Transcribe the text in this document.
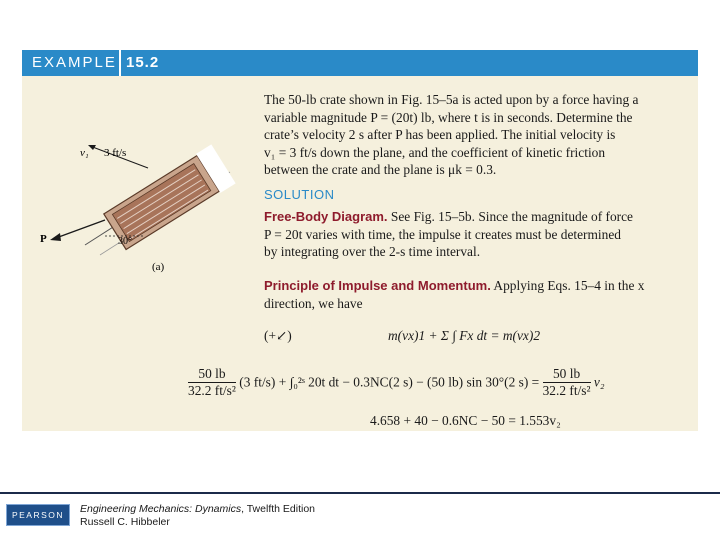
EXAMPLE 15.2
v₁ 3 ft/s
P	30°
(a)
The 50-lb crate shown in Fig. 15–5a is acted upon by a force having a
variable magnitude P = (20t) lb, where t is in seconds. Determine the
crate’s velocity 2 s after P has been applied. The initial velocity is
v₁ = 3 ft/s down the plane, and the coefficient of kinetic friction
between the crate and the plane is μk = 0.3.
SOLUTION
Free-Body Diagram. See Fig. 15–5b. Since the magnitude of force
P = 20t varies with time, the impulse it creates must be determined
by integrating over the 2-s time interval.
Principle of Impulse and Momentum. Applying Eqs. 15–4 in the x
direction, we have
(+↙)	m(vx)1 + Σ ∫ Fx dt = m(vx)2
$\frac{50 lb}{\text{32.2 ft/s²}} (3$ ft/s) + ∫₀²ˢ 20t dt − 0.3NC(2 s) − (50 lb) sin 30°(2 $s) = \frac{50 lb}{\text{32.2 ft/s²}} v_2$
4.658 + 40 − 0.6NC − 50 = 1.553v₂
PEARSON	Engineering Mechanics: Dynamics, Twelfth Edition
Russell C. Hibbeler
